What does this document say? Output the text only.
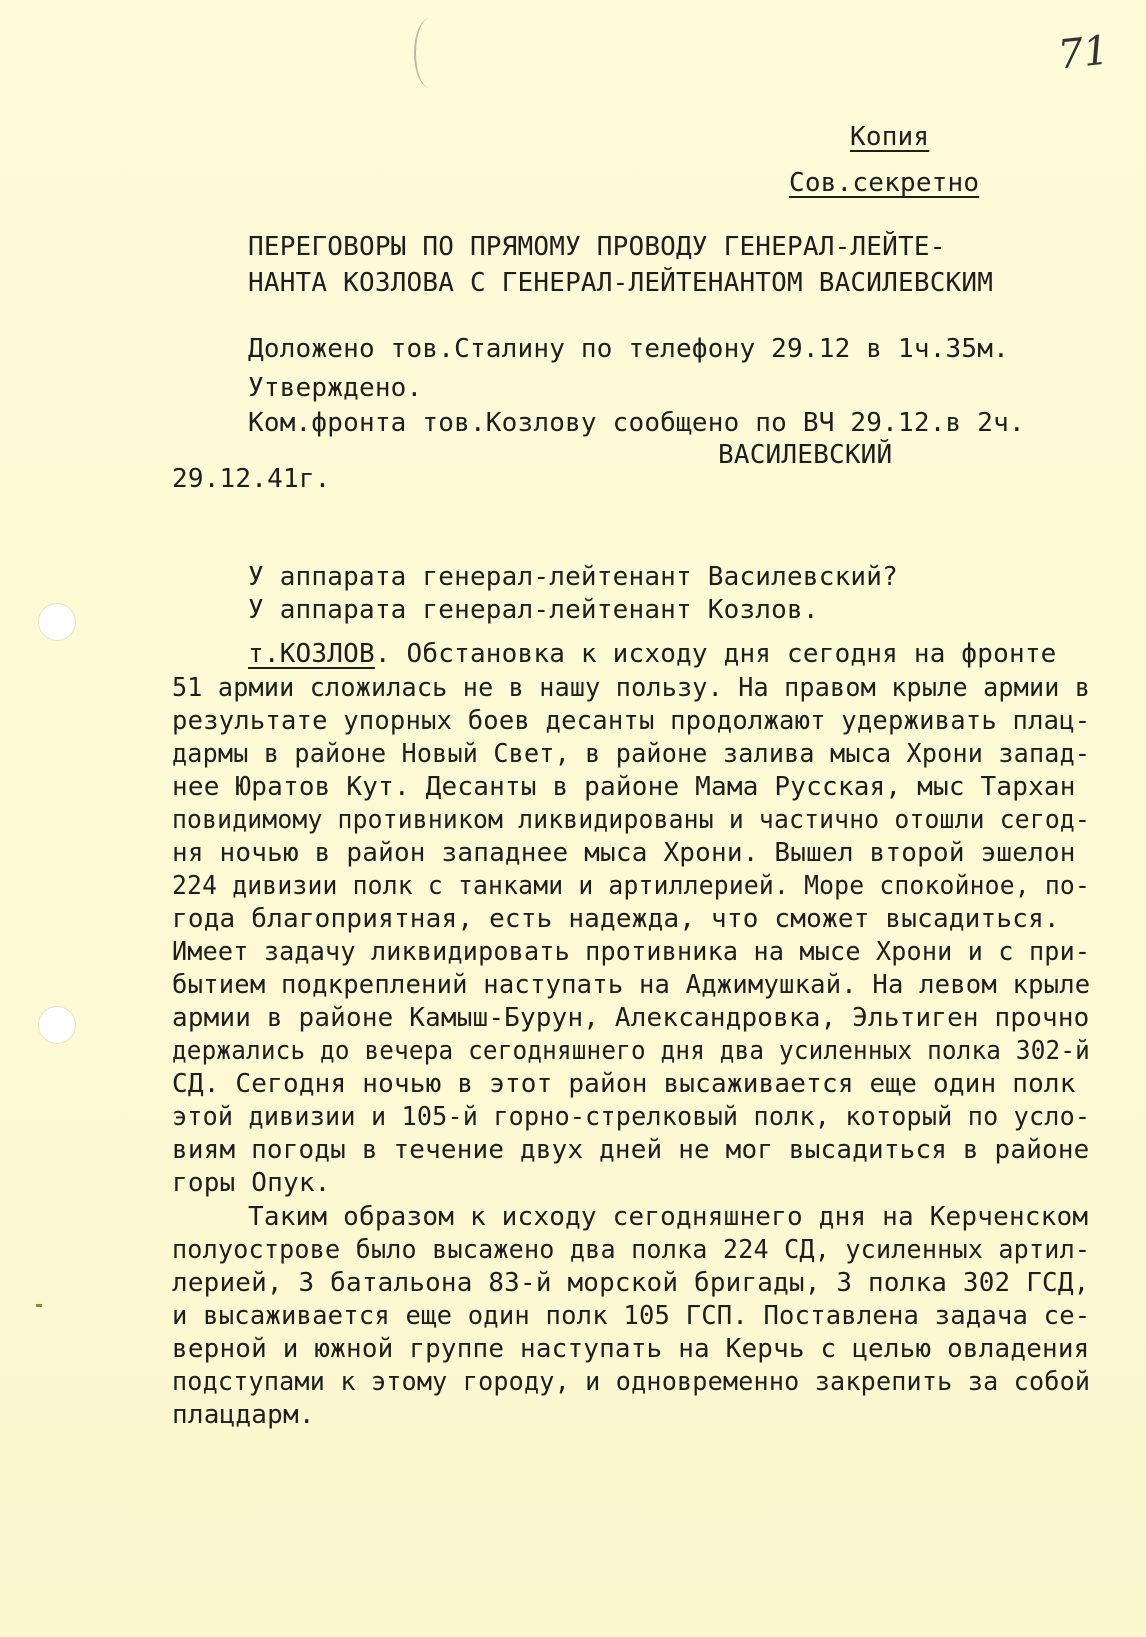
71
Копия
Сов.секретно
ПЕРЕГОВОРЫ ПО ПРЯМОМУ ПРОВОДУ ГЕНЕРАЛ-ЛЕЙТЕ-
НАНТА КОЗЛОВА С ГЕНЕРАЛ-ЛЕЙТЕНАНТОМ ВАСИЛЕВСКИМ
Доложено тов.Сталину по телефону 29.12 в 1ч.35м.
Утверждено.
Ком.фронта тов.Козлову сообщено по ВЧ 29.12.в 2ч.
ВАСИЛЕВСКИЙ
29.12.41г.
У аппарата генерал-лейтенант Василевский?
У аппарата генерал-лейтенант Козлов.
т.КОЗЛОВ. Обстановка к исходу дня сегодня на фронте
51 армии сложилась не в нашу пользу. На правом крыле армии в
результате упорных боев десанты продолжают удерживать плац-
дармы в районе Новый Свет, в районе залива мыса Хрони запад-
нее Юратов Кут. Десанты в районе Мама Русская, мыс Тархан
повидимому противником ликвидированы и частично отошли сегод-
ня ночью в район западнее мыса Хрони. Вышел второй эшелон
224 дивизии полк с танками и артиллерией. Море спокойное, по-
года благоприятная, есть надежда, что сможет высадиться.
Имеет задачу ликвидировать противника на мысе Хрони и с при-
бытием подкреплений наступать на Аджимушкай. На левом крыле
армии в районе Камыш-Бурун, Александровка, Эльтиген прочно
держались до вечера сегодняшнего дня два усиленных полка 302-й
СД. Сегодня ночью в этот район высаживается еще один полк
этой дивизии и 105-й горно-стрелковый полк, который по усло-
виям погоды в течение двух дней не мог высадиться в районе
горы Опук.
Таким образом к исходу сегодняшнего дня на Керченском
полуострове было высажено два полка 224 СД, усиленных артил-
лерией, 3 батальона 83-й морской бригады, 3 полка 302 ГСД,
и высаживается еще один полк 105 ГСП. Поставлена задача се-
верной и южной группе наступать на Керчь с целью овладения
подступами к этому городу, и одновременно закрепить за собой
плацдарм.
